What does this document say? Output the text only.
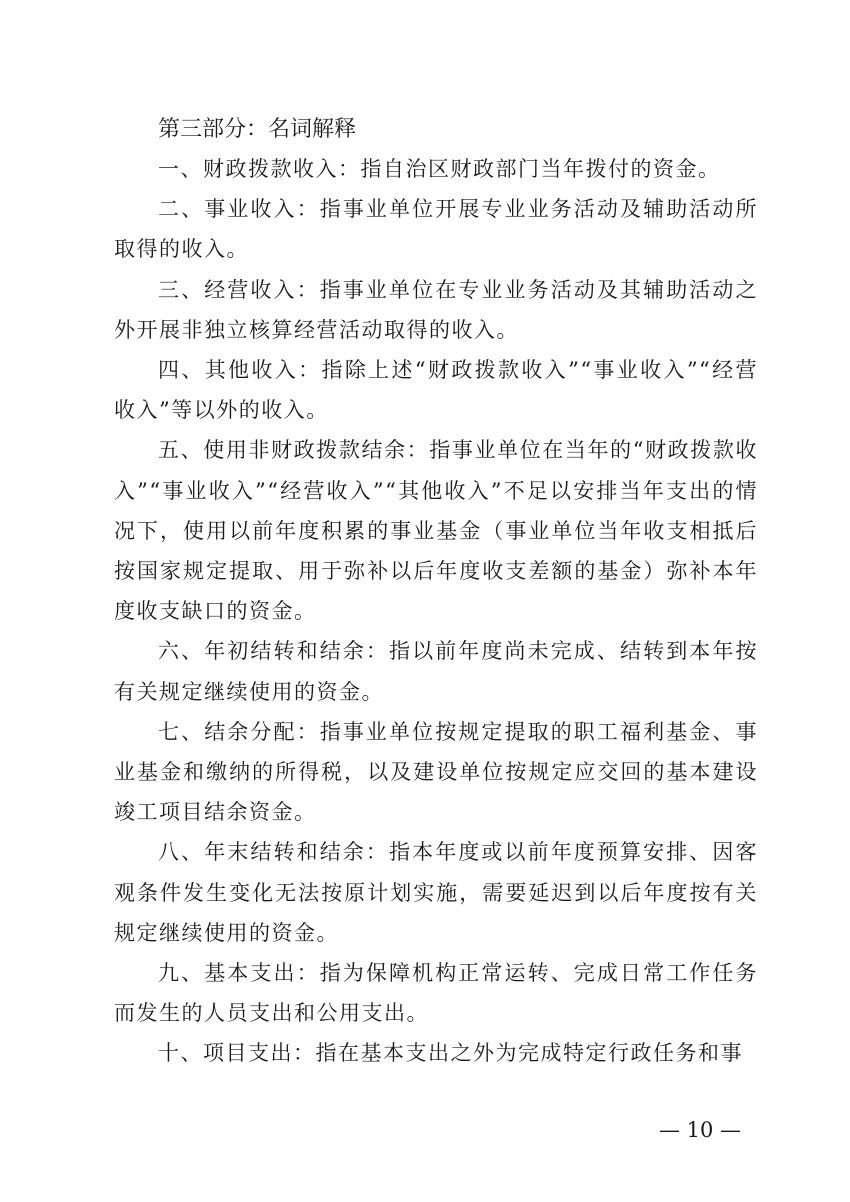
第三部分：名词解释

一、财政拨款收入：指自治区财政部门当年拨付的资金。

二、事业收入：指事业单位开展专业业务活动及辅助活动所取得的收入。

三、经营收入：指事业单位在专业业务活动及其辅助活动之外开展非独立核算经营活动取得的收入。

四、其他收入：指除上述“财政拨款收入”“事业收入”“经营收入”等以外的收入。

五、使用非财政拨款结余：指事业单位在当年的“财政拨款收入”“事业收入”“经营收入”“其他收入”不足以安排当年支出的情况下，使用以前年度积累的事业基金（事业单位当年收支相抵后按国家规定提取、用于弥补以后年度收支差额的基金）弥补本年度收支缺口的资金。

六、年初结转和结余：指以前年度尚未完成、结转到本年按有关规定继续使用的资金。

七、结余分配：指事业单位按规定提取的职工福利基金、事业基金和缴纳的所得税，以及建设单位按规定应交回的基本建设竣工项目结余资金。

八、年末结转和结余：指本年度或以前年度预算安排、因客观条件发生变化无法按原计划实施，需要延迟到以后年度按有关规定继续使用的资金。

九、基本支出：指为保障机构正常运转、完成日常工作任务而发生的人员支出和公用支出。

十、项目支出：指在基本支出之外为完成特定行政任务和事

— 10 —
